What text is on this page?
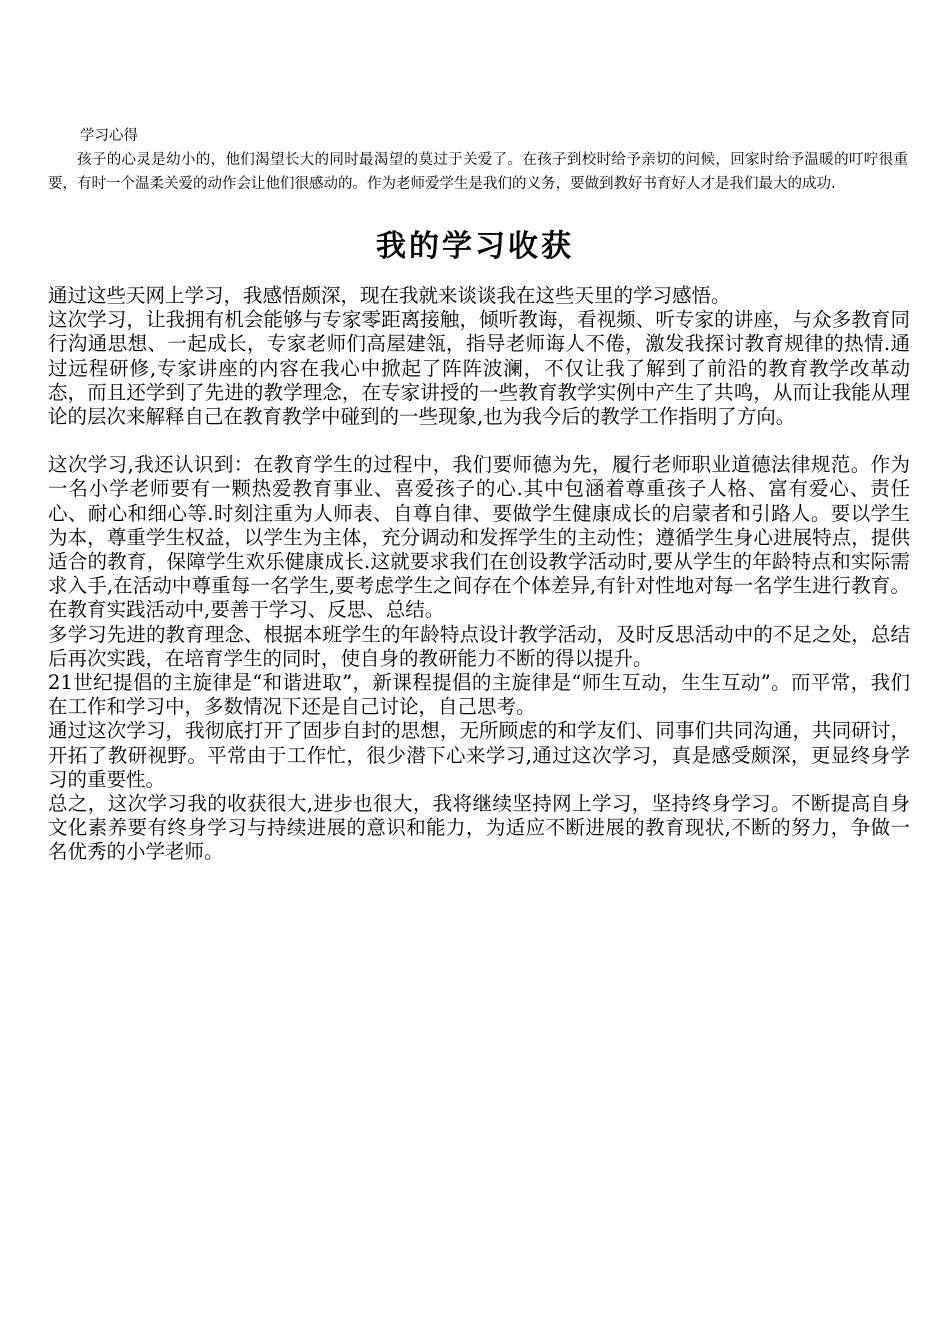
学习心得

孩子的心灵是幼小的，他们渴望长大的同时最渴望的莫过于关爱了。在孩子到校时给予亲切的问候，回家时给予温暖的叮咛很重要，有时一个温柔关爱的动作会让他们很感动的。作为老师爱学生是我们的义务，要做到教好书育好人才是我们最大的成功.

我的学习收获

通过这些天网上学习，我感悟颇深，现在我就来谈谈我在这些天里的学习感悟。

这次学习，让我拥有机会能够与专家零距离接触，倾听教诲，看视频、听专家的讲座，与众多教育同行沟通思想、一起成长，专家老师们高屋建瓴，指导老师诲人不倦，激发我探讨教育规律的热情.通过远程研修,专家讲座的内容在我心中掀起了阵阵波澜，不仅让我了解到了前沿的教育教学改革动态，而且还学到了先进的教学理念，在专家讲授的一些教育教学实例中产生了共鸣，从而让我能从理论的层次来解释自己在教育教学中碰到的一些现象,也为我今后的教学工作指明了方向。

这次学习,我还认识到：在教育学生的过程中，我们要师德为先，履行老师职业道德法律规范。作为一名小学老师要有一颗热爱教育事业、喜爱孩子的心.其中包涵着尊重孩子人格、富有爱心、责任心、耐心和细心等.时刻注重为人师表、自尊自律、要做学生健康成长的启蒙者和引路人。要以学生为本，尊重学生权益，以学生为主体，充分调动和发挥学生的主动性；遵循学生身心进展特点，提供适合的教育，保障学生欢乐健康成长.这就要求我们在创设教学活动时,要从学生的年龄特点和实际需求入手,在活动中尊重每一名学生,要考虑学生之间存在个体差异,有针对性地对每一名学生进行教育。在教育实践活动中,要善于学习、反思、总结。

多学习先进的教育理念、根据本班学生的年龄特点设计教学活动，及时反思活动中的不足之处，总结后再次实践，在培育学生的同时，使自身的教研能力不断的得以提升。

21世纪提倡的主旋律是“和谐进取”，新课程提倡的主旋律是“师生互动，生生互动”。而平常，我们在工作和学习中，多数情况下还是自己讨论，自己思考。

通过这次学习，我彻底打开了固步自封的思想，无所顾虑的和学友们、同事们共同沟通，共同研讨，开拓了教研视野。平常由于工作忙，很少潜下心来学习,通过这次学习，真是感受颇深，更显终身学习的重要性。

总之，这次学习我的收获很大,进步也很大，我将继续坚持网上学习，坚持终身学习。不断提高自身文化素养要有终身学习与持续进展的意识和能力，为适应不断进展的教育现状,不断的努力，争做一名优秀的小学老师。
